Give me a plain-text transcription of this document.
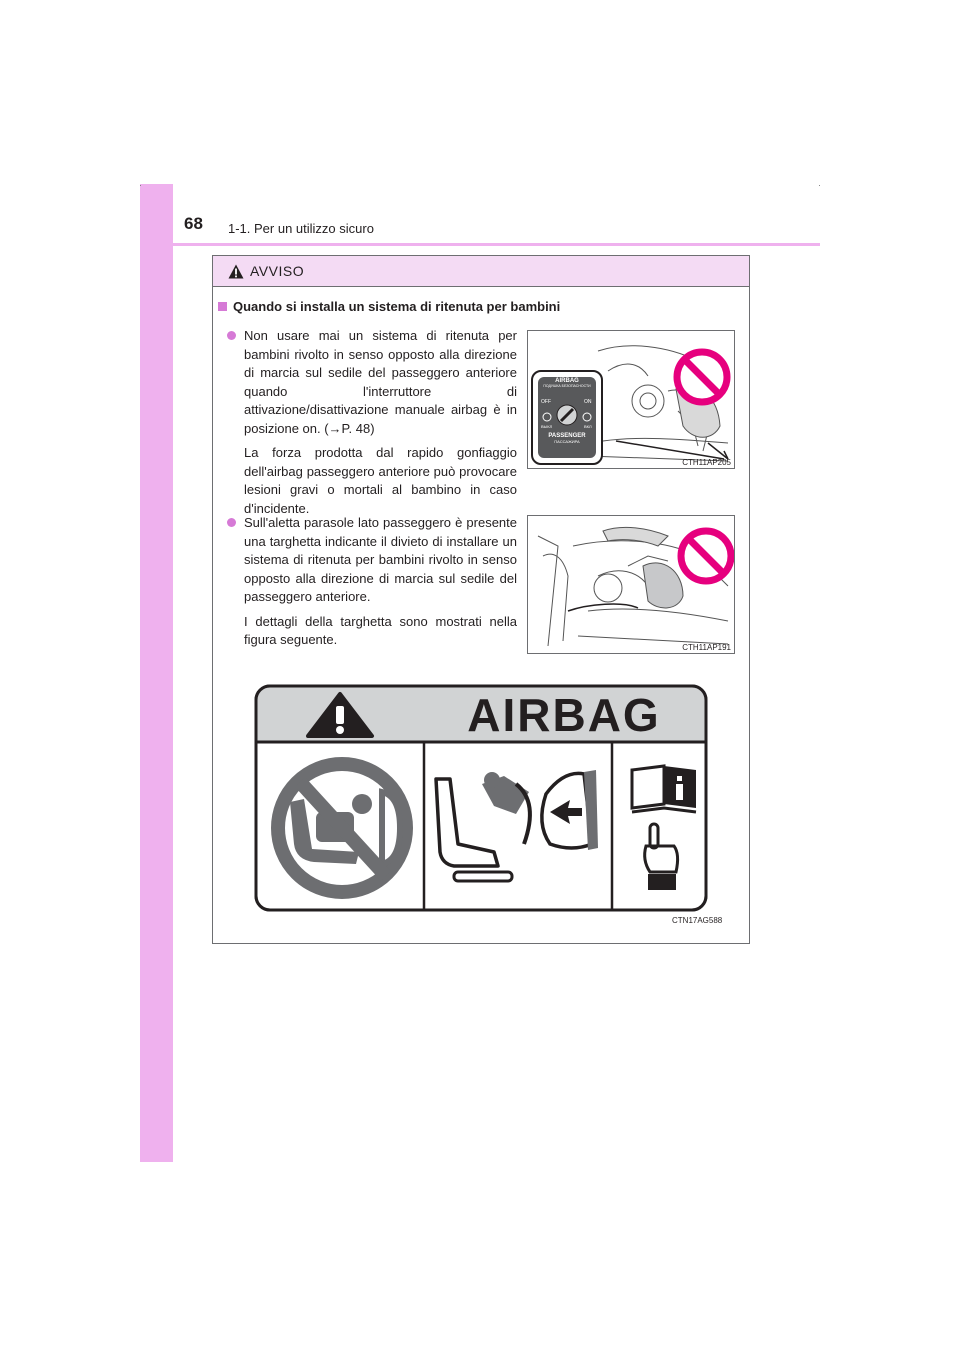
68 1-1. Per un utilizzo sicuro
AVVISO
Quando si installa un sistema di ritenuta per bambini

Non usare mai un sistema di ritenuta per bambini rivolto in senso opposto alla direzione di marcia sul sedile del passeggero anteriore quando l'interruttore di attivazione/disattivazione manuale airbag è in posizione on. (→P. 48)

La forza prodotta dal rapido gonfiaggio dell'airbag passeggero anteriore può provocare lesioni gravi o mortali al bambino in caso d'incidente.

Sull'aletta parasole lato passeggero è presente una targhetta indicante il divieto di installare un sistema di ritenuta per bambini rivolto in senso opposto alla direzione di marcia sul sedile del passeggero anteriore.

I dettagli della targhetta sono mostrati nella figura seguente.

AIRBAG
ПОДУШКА БЕЗОПАСНОСТИ
OFF	ON
ВЫКЛ	ВКЛ
PASSENGER
ПАССАЖИРА
CTH11AP205
CTH11AP191
AIRBAG
CTN17AG588
